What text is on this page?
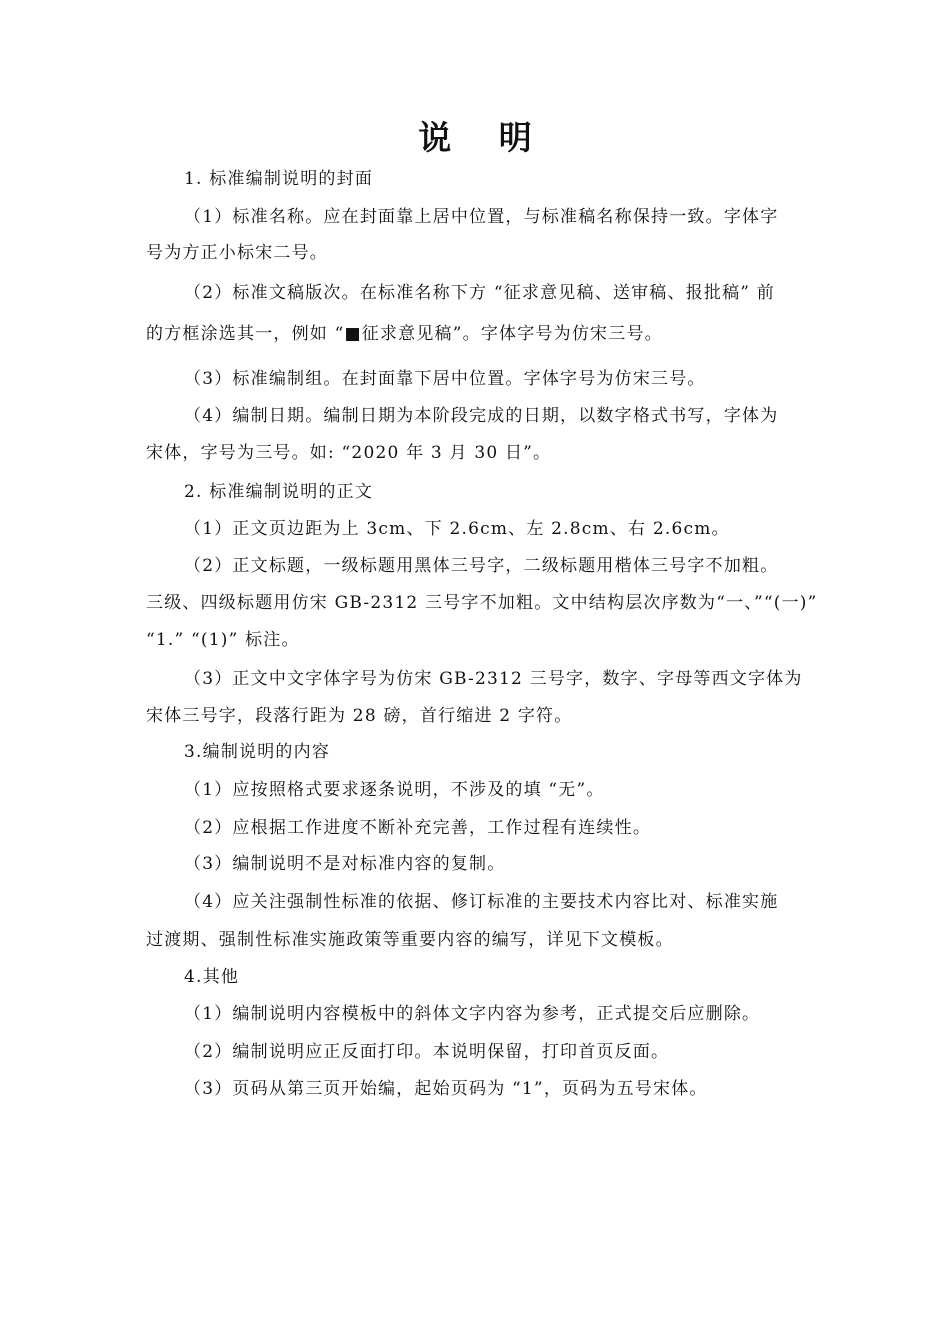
说 明
1. 标准编制说明的封面
（1）标准名称。应在封面靠上居中位置，与标准稿名称保持一致。字体字
号为方正小标宋二号。
（2）标准文稿版次。在标准名称下方 “征求意见稿、送审稿、报批稿” 前
的方框涂选其一，例如 “■征求意见稿”。字体字号为仿宋三号。
（3）标准编制组。在封面靠下居中位置。字体字号为仿宋三号。
（4）编制日期。编制日期为本阶段完成的日期，以数字格式书写，字体为
宋体，字号为三号。如: “2020 年 3 月 30 日”。
2. 标准编制说明的正文
（1）正文页边距为上 3cm、下 2.6cm、左 2.8cm、右 2.6cm。
（2）正文标题，一级标题用黑体三号字，二级标题用楷体三号字不加粗。
三级、四级标题用仿宋 GB-2312 三号字不加粗。文中结构层次序数为“一、”“(一)”
“1.” “(1)” 标注。
（3）正文中文字体字号为仿宋 GB-2312 三号字，数字、字母等西文字体为
宋体三号字，段落行距为 28 磅，首行缩进 2 字符。
3.编制说明的内容
（1）应按照格式要求逐条说明，不涉及的填 “无”。
（2）应根据工作进度不断补充完善，工作过程有连续性。
（3）编制说明不是对标准内容的复制。
（4）应关注强制性标准的依据、修订标准的主要技术内容比对、标准实施
过渡期、强制性标准实施政策等重要内容的编写，详见下文模板。
4.其他
（1）编制说明内容模板中的斜体文字内容为参考，正式提交后应删除。
（2）编制说明应正反面打印。本说明保留，打印首页反面。
（3）页码从第三页开始编，起始页码为 “1”，页码为五号宋体。
